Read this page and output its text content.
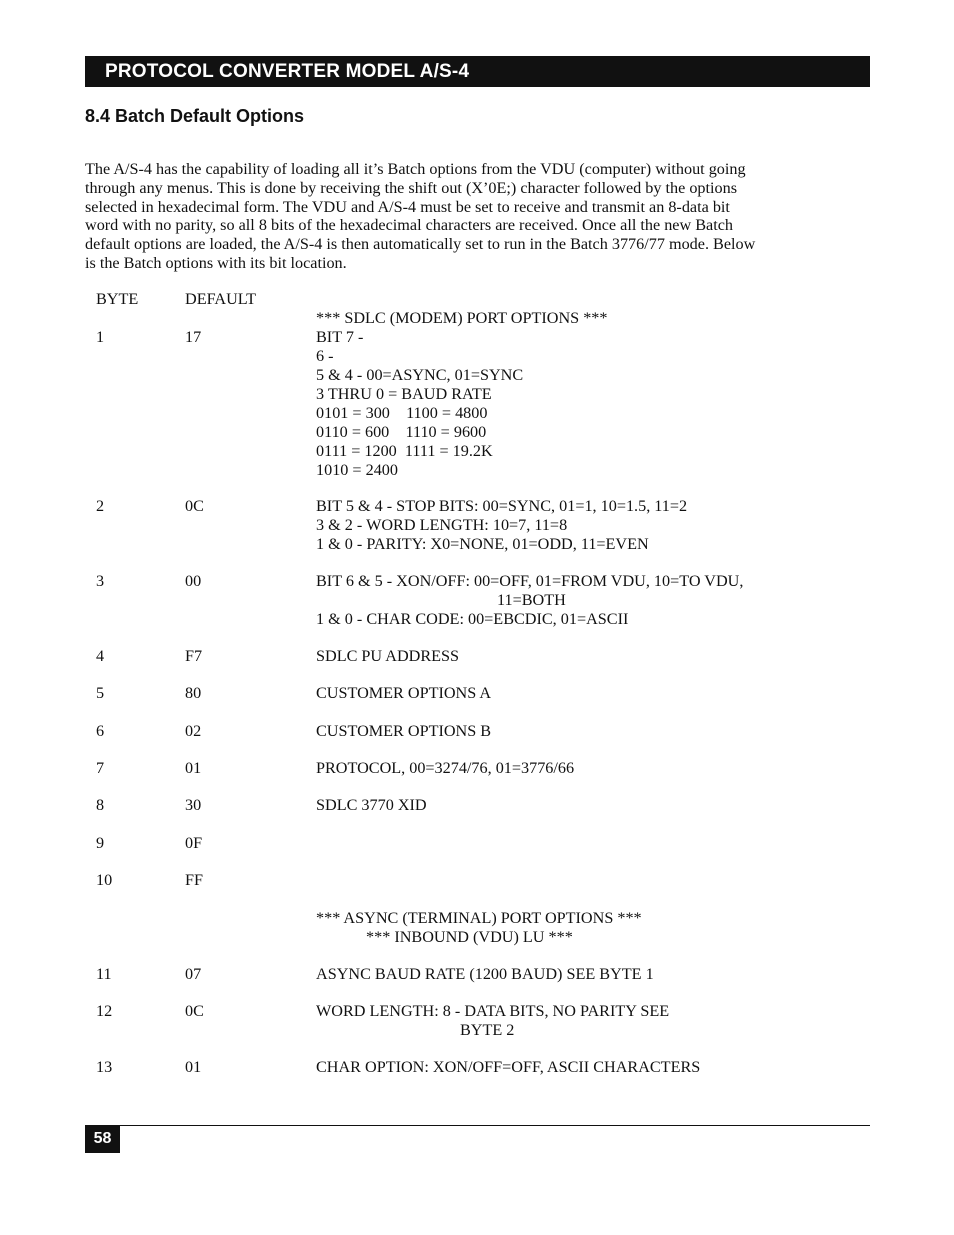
PROTOCOL CONVERTER MODEL A/S-4
8.4 Batch Default Options

The A/S-4 has the capability of loading all it’s Batch options from the VDU (computer) without going
through any menus. This is done by receiving the shift out (X’0E;) character followed by the options
selected in hexadecimal form. The VDU and A/S-4 must be set to receive and transmit an 8-data bit
word with no parity, so all 8 bits of the hexadecimal characters are received. Once all the new Batch
default options are loaded, the A/S-4 is then automatically set to run in the Batch 3776/77 mode. Below
is the Batch options with its bit location.

BYTE	DEFAULT
*** SDLC (MODEM) PORT OPTIONS ***
1	17	BIT 7 -
6 -
5 & 4 - 00=ASYNC, 01=SYNC
3 THRU 0 = BAUD RATE
0101 = 300    1100 = 4800
0110 = 600    1110 = 9600
0111 = 1200  1111 = 19.2K
1010 = 2400
2	0C	BIT 5 & 4 - STOP BITS: 00=SYNC, 01=1, 10=1.5, 11=2
3 & 2 - WORD LENGTH: 10=7, 11=8
1 & 0 - PARITY: X0=NONE, 01=ODD, 11=EVEN
3	00	BIT 6 & 5 - XON/OFF: 00=OFF, 01=FROM VDU, 10=TO VDU,
11=BOTH
1 & 0 - CHAR CODE: 00=EBCDIC, 01=ASCII
4	F7	SDLC PU ADDRESS
5	80	CUSTOMER OPTIONS A
6	02	CUSTOMER OPTIONS B
7	01	PROTOCOL, 00=3274/76, 01=3776/66
8	30	SDLC 3770 XID
9	0F
10	FF
*** ASYNC (TERMINAL) PORT OPTIONS ***
*** INBOUND (VDU) LU ***
11	07	ASYNC BAUD RATE (1200 BAUD) SEE BYTE 1
12	0C	WORD LENGTH: 8 - DATA BITS, NO PARITY SEE
BYTE 2
13	01	CHAR OPTION: XON/OFF=OFF, ASCII CHARACTERS
58
